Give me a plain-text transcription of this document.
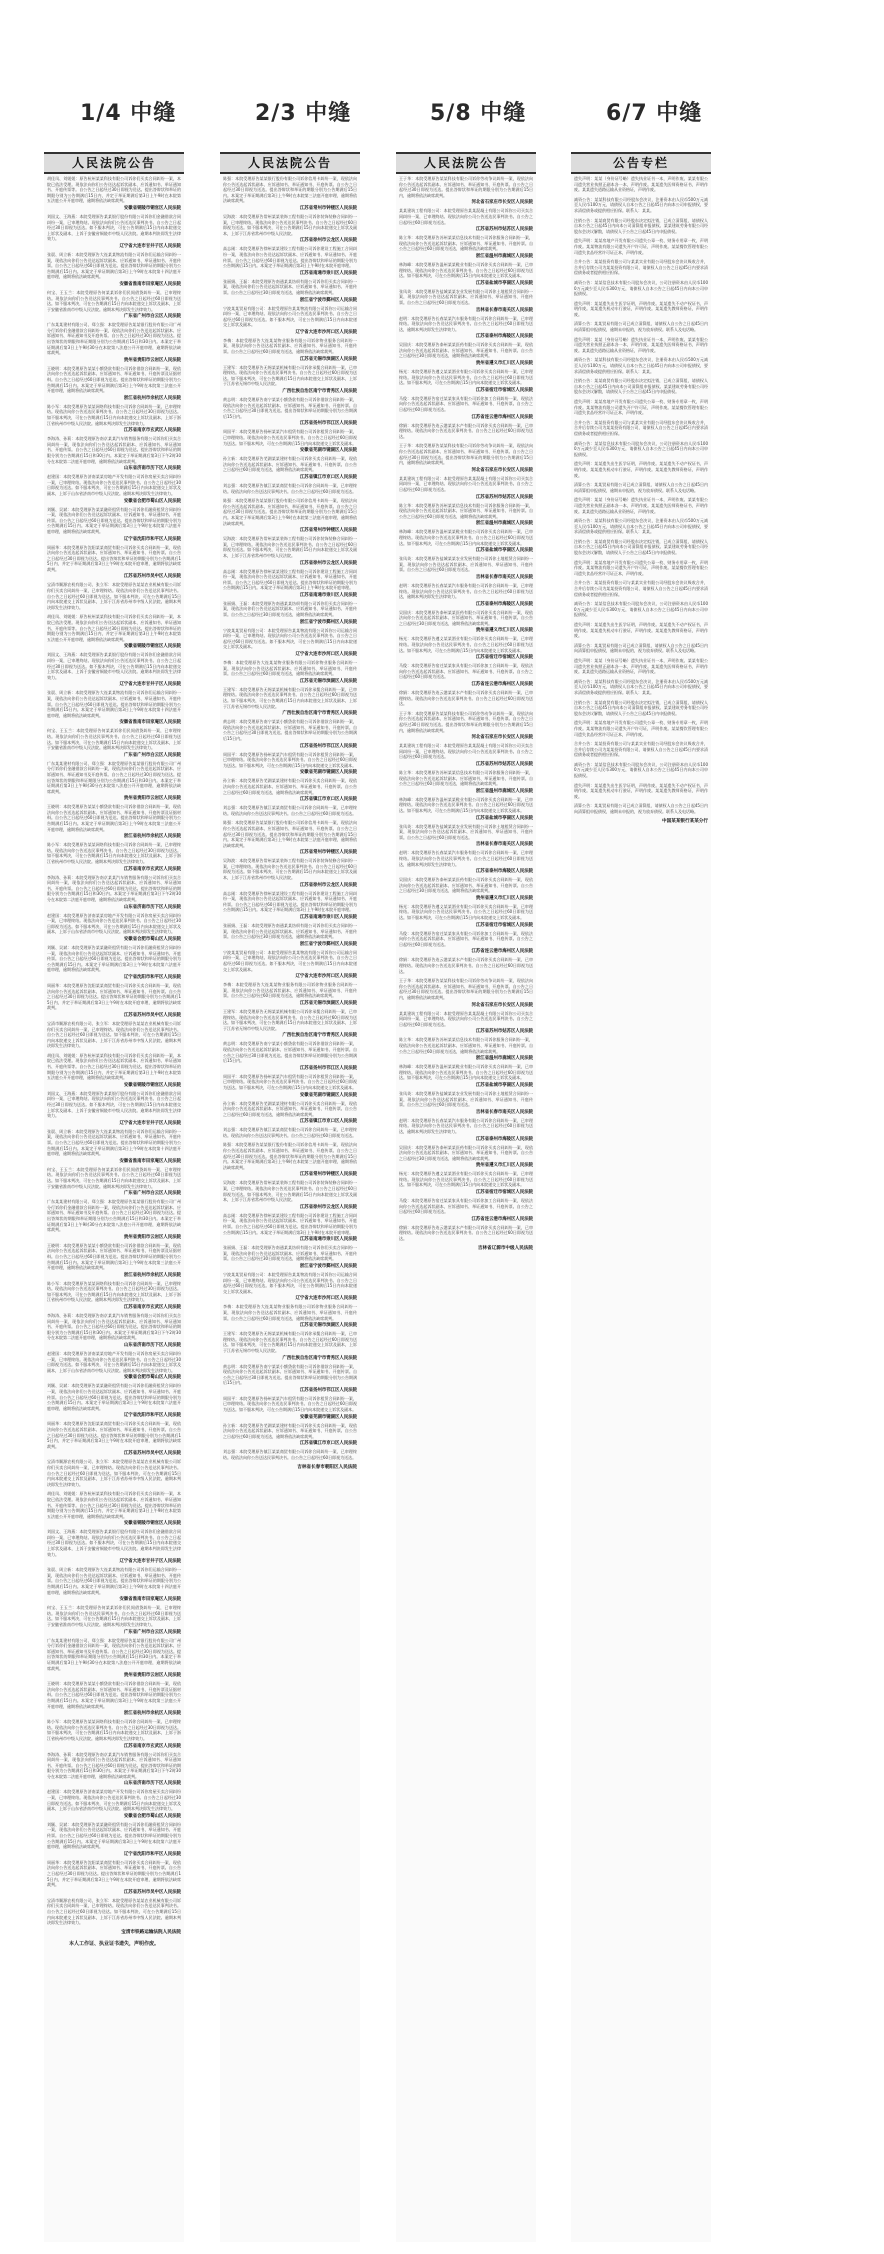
1/4 中缝	2/3 中缝	5/8 中缝	6/7 中缝
人民法院公告
胡佳凤、刘媛媛：原告杭州某某科技有限公司诉你们买卖合同纠纷一案，本院已依法受理。现依法向你们公告送达起诉状副本、应诉通知书、举证通知书、开庭传票等。自公告之日起经过30日即视为送达。提出答辩状和举证的期限分别为公告期满后15日内，并定于举证期满后第3日上午9时在本院第五法庭公开开庭审理，逾期将依法缺席裁判。
安徽省铜陵市铜官区人民法院
刘国文、王海燕：本院受理原告某某银行股份有限公司诉你们金融借款合同纠纷一案，已审理终结。现依法向你们公告送达民事判决书。自公告之日起经过30日即视为送达。如不服本判决，可在公告期满后15日内向本院递交上诉状及副本，上诉于安徽省铜陵市中级人民法院。逾期本判决即发生法律效力。
辽宁省大连市甘井子区人民法院
张晨、周立新：本院受理原告大连某某物流有限公司诉你们运输合同纠纷一案，现依法向你们公告送达起诉状副本、应诉通知书、举证通知书、开庭传票。自公告之日起经过60日即视为送达。提出答辩状和举证的期限分别为公告期满后15日内。本案定于举证期满后第3日上午9时在本院第十四法庭开庭审理，逾期将依法缺席裁判。
安徽省淮南市田家庵区人民法院
何宝、王玉兰：本院受理原告何某某诉你们民间借贷纠纷一案，已审理终结。现依法向你们公告送达民事判决书。自公告之日起经过60日即视为送达。如不服本判决，可在公告期满后15日内向本院递交上诉状及副本，上诉于安徽省淮南市中级人民法院。逾期本判决即发生法律效力。
广东省广州市白云区人民法院
广东某某建材有限公司、郑立强：本院受理原告某某银行股份有限公司广州分行诉你们金融借款合同纠纷一案，现依法向你们公告送达起诉状副本、应诉通知书、举证通知书及开庭传票。自公告之日起经过30日即视为送达。提出答辩状的期限和举证期限分别为公告期满后15日和30日内。本案定于举证期满后第3日上午9时30分在本院第八法庭公开开庭审理，逾期将依法缺席裁判。
贵州省贵阳市云岩区人民法院
王晓明：本院受理原告某某小额贷款有限公司诉你借款合同纠纷一案，现依法向你公告送达起诉状副本、应诉通知书、举证通知书、开庭传票及证据材料。自公告之日起经过60日即视为送达。提出答辩状和举证的期限分别为公告期满后15日内。本案定于举证期满后第3日上午9时在本院第三法庭公开开庭审理，逾期将依法缺席裁判。
浙江省杭州市余杭区人民法院
陈小军：本院受理原告某某网络科技有限公司诉你合同纠纷一案，已审理终结。现依法向你公告送达民事判决书。自公告之日起经过30日即视为送达。如不服本判决，可在公告期满后15日内向本院递交上诉状及副本，上诉于浙江省杭州市中级人民法院。逾期本判决即发生法律效力。
江苏省南京市玄武区人民法院
李海涛、孙莉：本院受理原告南京某某汽车销售服务有限公司诉你们买卖合同纠纷一案，现依法向你们公告送达起诉状副本、应诉通知书、举证通知书、开庭传票。自公告之日起经过60日即视为送达。提出答辩状和举证的期限分别为公告期满后15日和30日内。本案定于举证期满后第3日下午2时30分在本院第二法庭开庭审理，逾期将依法缺席裁判。
山东省济南市历下区人民法院
赵建国：本院受理原告济南某某房地产开发有限公司诉你房屋买卖合同纠纷一案，已审理终结。现依法向你公告送达民事判决书。自公告之日起经过30日即视为送达。如不服本判决，可在公告期满后15日内向本院递交上诉状及副本，上诉于山东省济南市中级人民法院。逾期本判决即发生法律效力。
安徽省合肥市蜀山区人民法院
刘颖、吴斌：本院受理原告某某融资租赁有限公司诉你们融资租赁合同纠纷一案，现依法向你们公告送达起诉状副本、应诉通知书、举证通知书、开庭传票。自公告之日起经过60日即视为送达。提出答辩状和举证的期限分别为公告期满后15日内。本案定于举证期满后第3日上午9时在本院第六法庭开庭审理，逾期将依法缺席裁判。
辽宁省沈阳市和平区人民法院
周丽华：本院受理原告沈阳某某商贸有限公司诉你买卖合同纠纷一案，现依法向你公告送达起诉状副本、应诉通知书、举证通知书、开庭传票。自公告之日起经过30日即视为送达。提出答辩状和举证的期限分别为公告期满后15日内，并定于举证期满后第3日上午9时在本院开庭审理，逾期将依法缺席裁判。
江苏省苏州市吴中区人民法院
宝清市顺源农机有限公司、张立军：本院受理原告某某农业机械有限公司诉你们买卖合同纠纷一案，已审理终结。现依法向你们公告送达民事判决书。自公告之日起经过60日即视为送达。如不服本判决，可在公告期满后15日内向本院递交上诉状及副本，上诉于江苏省苏州市中级人民法院。逾期本判决即发生法律效力。
胡佳凤、刘媛媛：原告杭州某某科技有限公司诉你们买卖合同纠纷一案，本院已依法受理。现依法向你们公告送达起诉状副本、应诉通知书、举证通知书、开庭传票等。自公告之日起经过30日即视为送达。提出答辩状和举证的期限分别为公告期满后15日内，并定于举证期满后第3日上午9时在本院第五法庭公开开庭审理，逾期将依法缺席裁判。
安徽省铜陵市铜官区人民法院
刘国文、王海燕：本院受理原告某某银行股份有限公司诉你们金融借款合同纠纷一案，已审理终结。现依法向你们公告送达民事判决书。自公告之日起经过30日即视为送达。如不服本判决，可在公告期满后15日内向本院递交上诉状及副本，上诉于安徽省铜陵市中级人民法院。逾期本判决即发生法律效力。
辽宁省大连市甘井子区人民法院
张晨、周立新：本院受理原告大连某某物流有限公司诉你们运输合同纠纷一案，现依法向你们公告送达起诉状副本、应诉通知书、举证通知书、开庭传票。自公告之日起经过60日即视为送达。提出答辩状和举证的期限分别为公告期满后15日内。本案定于举证期满后第3日上午9时在本院第十四法庭开庭审理，逾期将依法缺席裁判。
安徽省淮南市田家庵区人民法院
何宝、王玉兰：本院受理原告何某某诉你们民间借贷纠纷一案，已审理终结。现依法向你们公告送达民事判决书。自公告之日起经过60日即视为送达。如不服本判决，可在公告期满后15日内向本院递交上诉状及副本，上诉于安徽省淮南市中级人民法院。逾期本判决即发生法律效力。
广东省广州市白云区人民法院
广东某某建材有限公司、郑立强：本院受理原告某某银行股份有限公司广州分行诉你们金融借款合同纠纷一案，现依法向你们公告送达起诉状副本、应诉通知书、举证通知书及开庭传票。自公告之日起经过30日即视为送达。提出答辩状的期限和举证期限分别为公告期满后15日和30日内。本案定于举证期满后第3日上午9时30分在本院第八法庭公开开庭审理，逾期将依法缺席裁判。
贵州省贵阳市云岩区人民法院
王晓明：本院受理原告某某小额贷款有限公司诉你借款合同纠纷一案，现依法向你公告送达起诉状副本、应诉通知书、举证通知书、开庭传票及证据材料。自公告之日起经过60日即视为送达。提出答辩状和举证的期限分别为公告期满后15日内。本案定于举证期满后第3日上午9时在本院第三法庭公开开庭审理，逾期将依法缺席裁判。
浙江省杭州市余杭区人民法院
陈小军：本院受理原告某某网络科技有限公司诉你合同纠纷一案，已审理终结。现依法向你公告送达民事判决书。自公告之日起经过30日即视为送达。如不服本判决，可在公告期满后15日内向本院递交上诉状及副本，上诉于浙江省杭州市中级人民法院。逾期本判决即发生法律效力。
江苏省南京市玄武区人民法院
李海涛、孙莉：本院受理原告南京某某汽车销售服务有限公司诉你们买卖合同纠纷一案，现依法向你们公告送达起诉状副本、应诉通知书、举证通知书、开庭传票。自公告之日起经过60日即视为送达。提出答辩状和举证的期限分别为公告期满后15日和30日内。本案定于举证期满后第3日下午2时30分在本院第二法庭开庭审理，逾期将依法缺席裁判。
山东省济南市历下区人民法院
赵建国：本院受理原告济南某某房地产开发有限公司诉你房屋买卖合同纠纷一案，已审理终结。现依法向你公告送达民事判决书。自公告之日起经过30日即视为送达。如不服本判决，可在公告期满后15日内向本院递交上诉状及副本，上诉于山东省济南市中级人民法院。逾期本判决即发生法律效力。
安徽省合肥市蜀山区人民法院
刘颖、吴斌：本院受理原告某某融资租赁有限公司诉你们融资租赁合同纠纷一案，现依法向你们公告送达起诉状副本、应诉通知书、举证通知书、开庭传票。自公告之日起经过60日即视为送达。提出答辩状和举证的期限分别为公告期满后15日内。本案定于举证期满后第3日上午9时在本院第六法庭开庭审理，逾期将依法缺席裁判。
辽宁省沈阳市和平区人民法院
周丽华：本院受理原告沈阳某某商贸有限公司诉你买卖合同纠纷一案，现依法向你公告送达起诉状副本、应诉通知书、举证通知书、开庭传票。自公告之日起经过30日即视为送达。提出答辩状和举证的期限分别为公告期满后15日内，并定于举证期满后第3日上午9时在本院开庭审理，逾期将依法缺席裁判。
江苏省苏州市吴中区人民法院
宝清市顺源农机有限公司、张立军：本院受理原告某某农业机械有限公司诉你们买卖合同纠纷一案，已审理终结。现依法向你们公告送达民事判决书。自公告之日起经过60日即视为送达。如不服本判决，可在公告期满后15日内向本院递交上诉状及副本，上诉于江苏省苏州市中级人民法院。逾期本判决即发生法律效力。
胡佳凤、刘媛媛：原告杭州某某科技有限公司诉你们买卖合同纠纷一案，本院已依法受理。现依法向你们公告送达起诉状副本、应诉通知书、举证通知书、开庭传票等。自公告之日起经过30日即视为送达。提出答辩状和举证的期限分别为公告期满后15日内，并定于举证期满后第3日上午9时在本院第五法庭公开开庭审理，逾期将依法缺席裁判。
安徽省铜陵市铜官区人民法院
刘国文、王海燕：本院受理原告某某银行股份有限公司诉你们金融借款合同纠纷一案，已审理终结。现依法向你们公告送达民事判决书。自公告之日起经过30日即视为送达。如不服本判决，可在公告期满后15日内向本院递交上诉状及副本，上诉于安徽省铜陵市中级人民法院。逾期本判决即发生法律效力。
辽宁省大连市甘井子区人民法院
张晨、周立新：本院受理原告大连某某物流有限公司诉你们运输合同纠纷一案，现依法向你们公告送达起诉状副本、应诉通知书、举证通知书、开庭传票。自公告之日起经过60日即视为送达。提出答辩状和举证的期限分别为公告期满后15日内。本案定于举证期满后第3日上午9时在本院第十四法庭开庭审理，逾期将依法缺席裁判。
安徽省淮南市田家庵区人民法院
何宝、王玉兰：本院受理原告何某某诉你们民间借贷纠纷一案，已审理终结。现依法向你们公告送达民事判决书。自公告之日起经过60日即视为送达。如不服本判决，可在公告期满后15日内向本院递交上诉状及副本，上诉于安徽省淮南市中级人民法院。逾期本判决即发生法律效力。
广东省广州市白云区人民法院
广东某某建材有限公司、郑立强：本院受理原告某某银行股份有限公司广州分行诉你们金融借款合同纠纷一案，现依法向你们公告送达起诉状副本、应诉通知书、举证通知书及开庭传票。自公告之日起经过30日即视为送达。提出答辩状的期限和举证期限分别为公告期满后15日和30日内。本案定于举证期满后第3日上午9时30分在本院第八法庭公开开庭审理，逾期将依法缺席裁判。
贵州省贵阳市云岩区人民法院
王晓明：本院受理原告某某小额贷款有限公司诉你借款合同纠纷一案，现依法向你公告送达起诉状副本、应诉通知书、举证通知书、开庭传票及证据材料。自公告之日起经过60日即视为送达。提出答辩状和举证的期限分别为公告期满后15日内。本案定于举证期满后第3日上午9时在本院第三法庭公开开庭审理，逾期将依法缺席裁判。
浙江省杭州市余杭区人民法院
陈小军：本院受理原告某某网络科技有限公司诉你合同纠纷一案，已审理终结。现依法向你公告送达民事判决书。自公告之日起经过30日即视为送达。如不服本判决，可在公告期满后15日内向本院递交上诉状及副本，上诉于浙江省杭州市中级人民法院。逾期本判决即发生法律效力。
江苏省南京市玄武区人民法院
李海涛、孙莉：本院受理原告南京某某汽车销售服务有限公司诉你们买卖合同纠纷一案，现依法向你们公告送达起诉状副本、应诉通知书、举证通知书、开庭传票。自公告之日起经过60日即视为送达。提出答辩状和举证的期限分别为公告期满后15日和30日内。本案定于举证期满后第3日下午2时30分在本院第二法庭开庭审理，逾期将依法缺席裁判。
山东省济南市历下区人民法院
赵建国：本院受理原告济南某某房地产开发有限公司诉你房屋买卖合同纠纷一案，已审理终结。现依法向你公告送达民事判决书。自公告之日起经过30日即视为送达。如不服本判决，可在公告期满后15日内向本院递交上诉状及副本，上诉于山东省济南市中级人民法院。逾期本判决即发生法律效力。
安徽省合肥市蜀山区人民法院
刘颖、吴斌：本院受理原告某某融资租赁有限公司诉你们融资租赁合同纠纷一案，现依法向你们公告送达起诉状副本、应诉通知书、举证通知书、开庭传票。自公告之日起经过60日即视为送达。提出答辩状和举证的期限分别为公告期满后15日内。本案定于举证期满后第3日上午9时在本院第六法庭开庭审理，逾期将依法缺席裁判。
辽宁省沈阳市和平区人民法院
周丽华：本院受理原告沈阳某某商贸有限公司诉你买卖合同纠纷一案，现依法向你公告送达起诉状副本、应诉通知书、举证通知书、开庭传票。自公告之日起经过30日即视为送达。提出答辩状和举证的期限分别为公告期满后15日内，并定于举证期满后第3日上午9时在本院开庭审理，逾期将依法缺席裁判。
江苏省苏州市吴中区人民法院
宝清市顺源农机有限公司、张立军：本院受理原告某某农业机械有限公司诉你们买卖合同纠纷一案，已审理终结。现依法向你们公告送达民事判决书。自公告之日起经过60日即视为送达。如不服本判决，可在公告期满后15日内向本院递交上诉状及副本，上诉于江苏省苏州市中级人民法院。逾期本判决即发生法律效力。
胡佳凤、刘媛媛：原告杭州某某科技有限公司诉你们买卖合同纠纷一案，本院已依法受理。现依法向你们公告送达起诉状副本、应诉通知书、举证通知书、开庭传票等。自公告之日起经过30日即视为送达。提出答辩状和举证的期限分别为公告期满后15日内，并定于举证期满后第3日上午9时在本院第五法庭公开开庭审理，逾期将依法缺席裁判。
安徽省铜陵市铜官区人民法院
刘国文、王海燕：本院受理原告某某银行股份有限公司诉你们金融借款合同纠纷一案，已审理终结。现依法向你们公告送达民事判决书。自公告之日起经过30日即视为送达。如不服本判决，可在公告期满后15日内向本院递交上诉状及副本，上诉于安徽省铜陵市中级人民法院。逾期本判决即发生法律效力。
辽宁省大连市甘井子区人民法院
张晨、周立新：本院受理原告大连某某物流有限公司诉你们运输合同纠纷一案，现依法向你们公告送达起诉状副本、应诉通知书、举证通知书、开庭传票。自公告之日起经过60日即视为送达。提出答辩状和举证的期限分别为公告期满后15日内。本案定于举证期满后第3日上午9时在本院第十四法庭开庭审理，逾期将依法缺席裁判。
安徽省淮南市田家庵区人民法院
何宝、王玉兰：本院受理原告何某某诉你们民间借贷纠纷一案，已审理终结。现依法向你们公告送达民事判决书。自公告之日起经过60日即视为送达。如不服本判决，可在公告期满后15日内向本院递交上诉状及副本，上诉于安徽省淮南市中级人民法院。逾期本判决即发生法律效力。
广东省广州市白云区人民法院
广东某某建材有限公司、郑立强：本院受理原告某某银行股份有限公司广州分行诉你们金融借款合同纠纷一案，现依法向你们公告送达起诉状副本、应诉通知书、举证通知书及开庭传票。自公告之日起经过30日即视为送达。提出答辩状的期限和举证期限分别为公告期满后15日和30日内。本案定于举证期满后第3日上午9时30分在本院第八法庭公开开庭审理，逾期将依法缺席裁判。
贵州省贵阳市云岩区人民法院
王晓明：本院受理原告某某小额贷款有限公司诉你借款合同纠纷一案，现依法向你公告送达起诉状副本、应诉通知书、举证通知书、开庭传票及证据材料。自公告之日起经过60日即视为送达。提出答辩状和举证的期限分别为公告期满后15日内。本案定于举证期满后第3日上午9时在本院第三法庭公开开庭审理，逾期将依法缺席裁判。
浙江省杭州市余杭区人民法院
陈小军：本院受理原告某某网络科技有限公司诉你合同纠纷一案，已审理终结。现依法向你公告送达民事判决书。自公告之日起经过30日即视为送达。如不服本判决，可在公告期满后15日内向本院递交上诉状及副本，上诉于浙江省杭州市中级人民法院。逾期本判决即发生法律效力。
江苏省南京市玄武区人民法院
李海涛、孙莉：本院受理原告南京某某汽车销售服务有限公司诉你们买卖合同纠纷一案，现依法向你们公告送达起诉状副本、应诉通知书、举证通知书、开庭传票。自公告之日起经过60日即视为送达。提出答辩状和举证的期限分别为公告期满后15日和30日内。本案定于举证期满后第3日下午2时30分在本院第二法庭开庭审理，逾期将依法缺席裁判。
山东省济南市历下区人民法院
赵建国：本院受理原告济南某某房地产开发有限公司诉你房屋买卖合同纠纷一案，已审理终结。现依法向你公告送达民事判决书。自公告之日起经过30日即视为送达。如不服本判决，可在公告期满后15日内向本院递交上诉状及副本，上诉于山东省济南市中级人民法院。逾期本判决即发生法律效力。
安徽省合肥市蜀山区人民法院
刘颖、吴斌：本院受理原告某某融资租赁有限公司诉你们融资租赁合同纠纷一案，现依法向你们公告送达起诉状副本、应诉通知书、举证通知书、开庭传票。自公告之日起经过60日即视为送达。提出答辩状和举证的期限分别为公告期满后15日内。本案定于举证期满后第3日上午9时在本院第六法庭开庭审理，逾期将依法缺席裁判。
辽宁省沈阳市和平区人民法院
周丽华：本院受理原告沈阳某某商贸有限公司诉你买卖合同纠纷一案，现依法向你公告送达起诉状副本、应诉通知书、举证通知书、开庭传票。自公告之日起经过30日即视为送达。提出答辩状和举证的期限分别为公告期满后15日内，并定于举证期满后第3日上午9时在本院开庭审理，逾期将依法缺席裁判。
江苏省苏州市吴中区人民法院
宝清市顺源农机有限公司、张立军：本院受理原告某某农业机械有限公司诉你们买卖合同纠纷一案，已审理终结。现依法向你们公告送达民事判决书。自公告之日起经过60日即视为送达。如不服本判决，可在公告期满后15日内向本院递交上诉状及副本，上诉于江苏省苏州市中级人民法院。逾期本判决即发生法律效力。
宝清市铁路运输法院人民法院
本人工作证、执业证书遗失，声明作废。
人民法院公告
陈强：本院受理原告某某银行股份有限公司诉你信用卡纠纷一案，现依法向你公告送达起诉状副本、应诉通知书、举证通知书、开庭传票。自公告之日起经过30日即视为送达。提出答辩状和举证的期限分别为公告期满后15日内。本案定于举证期满后第3日上午9时在本院第三法庭开庭审理，逾期将依法缺席裁判。
江苏省常州市钟楼区人民法院
吴海波：本院受理原告常州某某装饰工程有限公司诉你装饰装修合同纠纷一案，已审理终结。现依法向你公告送达民事判决书。自公告之日起经过60日即视为送达。如不服本判决，可在公告期满后15日内向本院递交上诉状及副本，上诉于江苏省常州市中级人民法院。
江苏省徐州市云龙区人民法院
高志刚：本院受理原告徐州某某建设工程有限公司诉你建设工程施工合同纠纷一案，现依法向你公告送达起诉状副本、应诉通知书、举证通知书、开庭传票。自公告之日起经过60日即视为送达。提出答辩状和举证的期限分别为公告期满后15日内。本案定于举证期满后第3日上午9时在本院开庭审理。
江苏省南通市崇川区人民法院
张丽娟、王磊：本院受理原告南通某某纺织有限公司诉你们买卖合同纠纷一案，现依法向你们公告送达起诉状副本、应诉通知书、举证通知书、开庭传票。自公告之日起经过30日即视为送达，逾期将依法缺席裁判。
浙江省宁波市鄞州区人民法院
宁波某某贸易有限公司：本院受理原告某某物流有限公司诉你公司运输合同纠纷一案，已审理终结。现依法向你公司公告送达民事判决书。自公告之日起经过60日即视为送达。如不服本判决，可在公告期满后15日内向本院递交上诉状及副本。
辽宁省大连市沙河口区人民法院
李梅：本院受理原告大连某某物业服务有限公司诉你物业服务合同纠纷一案，现依法向你公告送达起诉状副本、应诉通知书、举证通知书、开庭传票。自公告之日起经过60日即视为送达，逾期将依法缺席裁判。
江苏省无锡市滨湖区人民法院
王建军：本院受理原告无锡某某机械有限公司诉你承揽合同纠纷一案，已审理终结。现依法向你公告送达民事判决书。自公告之日起经过60日即视为送达。如不服本判决，可在公告期满后15日内向本院递交上诉状及副本，上诉于江苏省无锡市中级人民法院。
广西壮族自治区南宁市青秀区人民法院
黄志明：本院受理原告南宁某某小额贷款有限公司诉你借款合同纠纷一案，现依法向你公告送达起诉状副本、应诉通知书、举证通知书、开庭传票。自公告之日起经过30日即视为送达。提出答辩状和举证的期限分别为公告期满后15日内。
江苏省扬州市邗江区人民法院
周国平：本院受理原告扬州某某汽车租赁有限公司诉你租赁合同纠纷一案，已审理终结。现依法向你公告送达民事判决书。自公告之日起经过60日即视为送达。如不服本判决，可在公告期满后15日内向本院递交上诉状及副本。
安徽省芜湖市镜湖区人民法院
孙立新：本院受理原告芜湖某某建材有限公司诉你买卖合同纠纷一案，现依法向你公告送达起诉状副本、应诉通知书、举证通知书、开庭传票。自公告之日起经过60日即视为送达，逾期将依法缺席裁判。
江苏省镇江市京口区人民法院
刘志强：本院受理原告镇江某某商贸有限公司诉你合同纠纷一案，已审理终结。现依法向你公告送达民事判决书。自公告之日起经过60日即视为送达。
陈强：本院受理原告某某银行股份有限公司诉你信用卡纠纷一案，现依法向你公告送达起诉状副本、应诉通知书、举证通知书、开庭传票。自公告之日起经过30日即视为送达。提出答辩状和举证的期限分别为公告期满后15日内。本案定于举证期满后第3日上午9时在本院第三法庭开庭审理，逾期将依法缺席裁判。
江苏省常州市钟楼区人民法院
吴海波：本院受理原告常州某某装饰工程有限公司诉你装饰装修合同纠纷一案，已审理终结。现依法向你公告送达民事判决书。自公告之日起经过60日即视为送达。如不服本判决，可在公告期满后15日内向本院递交上诉状及副本，上诉于江苏省常州市中级人民法院。
江苏省徐州市云龙区人民法院
高志刚：本院受理原告徐州某某建设工程有限公司诉你建设工程施工合同纠纷一案，现依法向你公告送达起诉状副本、应诉通知书、举证通知书、开庭传票。自公告之日起经过60日即视为送达。提出答辩状和举证的期限分别为公告期满后15日内。本案定于举证期满后第3日上午9时在本院开庭审理。
江苏省南通市崇川区人民法院
张丽娟、王磊：本院受理原告南通某某纺织有限公司诉你们买卖合同纠纷一案，现依法向你们公告送达起诉状副本、应诉通知书、举证通知书、开庭传票。自公告之日起经过30日即视为送达，逾期将依法缺席裁判。
浙江省宁波市鄞州区人民法院
宁波某某贸易有限公司：本院受理原告某某物流有限公司诉你公司运输合同纠纷一案，已审理终结。现依法向你公司公告送达民事判决书。自公告之日起经过60日即视为送达。如不服本判决，可在公告期满后15日内向本院递交上诉状及副本。
辽宁省大连市沙河口区人民法院
李梅：本院受理原告大连某某物业服务有限公司诉你物业服务合同纠纷一案，现依法向你公告送达起诉状副本、应诉通知书、举证通知书、开庭传票。自公告之日起经过60日即视为送达，逾期将依法缺席裁判。
江苏省无锡市滨湖区人民法院
王建军：本院受理原告无锡某某机械有限公司诉你承揽合同纠纷一案，已审理终结。现依法向你公告送达民事判决书。自公告之日起经过60日即视为送达。如不服本判决，可在公告期满后15日内向本院递交上诉状及副本，上诉于江苏省无锡市中级人民法院。
广西壮族自治区南宁市青秀区人民法院
黄志明：本院受理原告南宁某某小额贷款有限公司诉你借款合同纠纷一案，现依法向你公告送达起诉状副本、应诉通知书、举证通知书、开庭传票。自公告之日起经过30日即视为送达。提出答辩状和举证的期限分别为公告期满后15日内。
江苏省扬州市邗江区人民法院
周国平：本院受理原告扬州某某汽车租赁有限公司诉你租赁合同纠纷一案，已审理终结。现依法向你公告送达民事判决书。自公告之日起经过60日即视为送达。如不服本判决，可在公告期满后15日内向本院递交上诉状及副本。
安徽省芜湖市镜湖区人民法院
孙立新：本院受理原告芜湖某某建材有限公司诉你买卖合同纠纷一案，现依法向你公告送达起诉状副本、应诉通知书、举证通知书、开庭传票。自公告之日起经过60日即视为送达，逾期将依法缺席裁判。
江苏省镇江市京口区人民法院
刘志强：本院受理原告镇江某某商贸有限公司诉你合同纠纷一案，已审理终结。现依法向你公告送达民事判决书。自公告之日起经过60日即视为送达。
陈强：本院受理原告某某银行股份有限公司诉你信用卡纠纷一案，现依法向你公告送达起诉状副本、应诉通知书、举证通知书、开庭传票。自公告之日起经过30日即视为送达。提出答辩状和举证的期限分别为公告期满后15日内。本案定于举证期满后第3日上午9时在本院第三法庭开庭审理，逾期将依法缺席裁判。
江苏省常州市钟楼区人民法院
吴海波：本院受理原告常州某某装饰工程有限公司诉你装饰装修合同纠纷一案，已审理终结。现依法向你公告送达民事判决书。自公告之日起经过60日即视为送达。如不服本判决，可在公告期满后15日内向本院递交上诉状及副本，上诉于江苏省常州市中级人民法院。
江苏省徐州市云龙区人民法院
高志刚：本院受理原告徐州某某建设工程有限公司诉你建设工程施工合同纠纷一案，现依法向你公告送达起诉状副本、应诉通知书、举证通知书、开庭传票。自公告之日起经过60日即视为送达。提出答辩状和举证的期限分别为公告期满后15日内。本案定于举证期满后第3日上午9时在本院开庭审理。
江苏省南通市崇川区人民法院
张丽娟、王磊：本院受理原告南通某某纺织有限公司诉你们买卖合同纠纷一案，现依法向你们公告送达起诉状副本、应诉通知书、举证通知书、开庭传票。自公告之日起经过30日即视为送达，逾期将依法缺席裁判。
浙江省宁波市鄞州区人民法院
宁波某某贸易有限公司：本院受理原告某某物流有限公司诉你公司运输合同纠纷一案，已审理终结。现依法向你公司公告送达民事判决书。自公告之日起经过60日即视为送达。如不服本判决，可在公告期满后15日内向本院递交上诉状及副本。
辽宁省大连市沙河口区人民法院
李梅：本院受理原告大连某某物业服务有限公司诉你物业服务合同纠纷一案，现依法向你公告送达起诉状副本、应诉通知书、举证通知书、开庭传票。自公告之日起经过60日即视为送达，逾期将依法缺席裁判。
江苏省无锡市滨湖区人民法院
王建军：本院受理原告无锡某某机械有限公司诉你承揽合同纠纷一案，已审理终结。现依法向你公告送达民事判决书。自公告之日起经过60日即视为送达。如不服本判决，可在公告期满后15日内向本院递交上诉状及副本，上诉于江苏省无锡市中级人民法院。
广西壮族自治区南宁市青秀区人民法院
黄志明：本院受理原告南宁某某小额贷款有限公司诉你借款合同纠纷一案，现依法向你公告送达起诉状副本、应诉通知书、举证通知书、开庭传票。自公告之日起经过30日即视为送达。提出答辩状和举证的期限分别为公告期满后15日内。
江苏省扬州市邗江区人民法院
周国平：本院受理原告扬州某某汽车租赁有限公司诉你租赁合同纠纷一案，已审理终结。现依法向你公告送达民事判决书。自公告之日起经过60日即视为送达。如不服本判决，可在公告期满后15日内向本院递交上诉状及副本。
安徽省芜湖市镜湖区人民法院
孙立新：本院受理原告芜湖某某建材有限公司诉你买卖合同纠纷一案，现依法向你公告送达起诉状副本、应诉通知书、举证通知书、开庭传票。自公告之日起经过60日即视为送达，逾期将依法缺席裁判。
江苏省镇江市京口区人民法院
刘志强：本院受理原告镇江某某商贸有限公司诉你合同纠纷一案，已审理终结。现依法向你公告送达民事判决书。自公告之日起经过60日即视为送达。
陈强：本院受理原告某某银行股份有限公司诉你信用卡纠纷一案，现依法向你公告送达起诉状副本、应诉通知书、举证通知书、开庭传票。自公告之日起经过30日即视为送达。提出答辩状和举证的期限分别为公告期满后15日内。本案定于举证期满后第3日上午9时在本院第三法庭开庭审理，逾期将依法缺席裁判。
江苏省常州市钟楼区人民法院
吴海波：本院受理原告常州某某装饰工程有限公司诉你装饰装修合同纠纷一案，已审理终结。现依法向你公告送达民事判决书。自公告之日起经过60日即视为送达。如不服本判决，可在公告期满后15日内向本院递交上诉状及副本，上诉于江苏省常州市中级人民法院。
江苏省徐州市云龙区人民法院
高志刚：本院受理原告徐州某某建设工程有限公司诉你建设工程施工合同纠纷一案，现依法向你公告送达起诉状副本、应诉通知书、举证通知书、开庭传票。自公告之日起经过60日即视为送达。提出答辩状和举证的期限分别为公告期满后15日内。本案定于举证期满后第3日上午9时在本院开庭审理。
江苏省南通市崇川区人民法院
张丽娟、王磊：本院受理原告南通某某纺织有限公司诉你们买卖合同纠纷一案，现依法向你们公告送达起诉状副本、应诉通知书、举证通知书、开庭传票。自公告之日起经过30日即视为送达，逾期将依法缺席裁判。
浙江省宁波市鄞州区人民法院
宁波某某贸易有限公司：本院受理原告某某物流有限公司诉你公司运输合同纠纷一案，已审理终结。现依法向你公司公告送达民事判决书。自公告之日起经过60日即视为送达。如不服本判决，可在公告期满后15日内向本院递交上诉状及副本。
辽宁省大连市沙河口区人民法院
李梅：本院受理原告大连某某物业服务有限公司诉你物业服务合同纠纷一案，现依法向你公告送达起诉状副本、应诉通知书、举证通知书、开庭传票。自公告之日起经过60日即视为送达，逾期将依法缺席裁判。
江苏省无锡市滨湖区人民法院
王建军：本院受理原告无锡某某机械有限公司诉你承揽合同纠纷一案，已审理终结。现依法向你公告送达民事判决书。自公告之日起经过60日即视为送达。如不服本判决，可在公告期满后15日内向本院递交上诉状及副本，上诉于江苏省无锡市中级人民法院。
广西壮族自治区南宁市青秀区人民法院
黄志明：本院受理原告南宁某某小额贷款有限公司诉你借款合同纠纷一案，现依法向你公告送达起诉状副本、应诉通知书、举证通知书、开庭传票。自公告之日起经过30日即视为送达。提出答辩状和举证的期限分别为公告期满后15日内。
江苏省扬州市邗江区人民法院
周国平：本院受理原告扬州某某汽车租赁有限公司诉你租赁合同纠纷一案，已审理终结。现依法向你公告送达民事判决书。自公告之日起经过60日即视为送达。如不服本判决，可在公告期满后15日内向本院递交上诉状及副本。
安徽省芜湖市镜湖区人民法院
孙立新：本院受理原告芜湖某某建材有限公司诉你买卖合同纠纷一案，现依法向你公告送达起诉状副本、应诉通知书、举证通知书、开庭传票。自公告之日起经过60日即视为送达，逾期将依法缺席裁判。
江苏省镇江市京口区人民法院
刘志强：本院受理原告镇江某某商贸有限公司诉你合同纠纷一案，已审理终结。现依法向你公告送达民事判决书。自公告之日起经过60日即视为送达。
吉林省长春市朝阳区人民法院
人民法院公告
王子华：本院受理原告某某科技有限公司诉你劳动争议纠纷一案，现依法向你公告送达起诉状副本、应诉通知书、举证通知书、开庭传票。自公告之日起经过30日即视为送达。提出答辩状和举证的期限分别为公告期满后15日内，逾期将依法缺席裁判。
河北省石家庄市长安区人民法院
某某建筑工程有限公司：本院受理原告某某混凝土有限公司诉你公司买卖合同纠纷一案，已审理终结。现依法向你公司公告送达民事判决书。自公告之日起经过60日即视为送达。
江苏省苏州市姑苏区人民法院
陈立华：本院受理原告苏州某某信息技术有限公司诉你服务合同纠纷一案，现依法向你公告送达起诉状副本、应诉通知书、举证通知书、开庭传票。自公告之日起经过60日即视为送达，逾期将依法缺席裁判。
浙江省温州市鹿城区人民法院
林海峰：本院受理原告温州某某鞋业有限公司诉你买卖合同纠纷一案，已审理终结。现依法向你公告送达民事判决书。自公告之日起经过60日即视为送达。如不服本判决，可在公告期满后15日内向本院递交上诉状及副本。
江苏省盐城市亭湖区人民法院
张凤英：本院受理原告盐城某某农业发展有限公司诉你土地租赁合同纠纷一案，现依法向你公告送达起诉状副本、应诉通知书、举证通知书、开庭传票。自公告之日起经过60日即视为送达。
吉林省长春市南关区人民法院
赵明：本院受理原告长春某某汽车服务有限公司诉你合同纠纷一案，已审理终结。现依法向你公告送达民事判决书。自公告之日起经过60日即视为送达，逾期本判决即发生法律效力。
江苏省泰州市海陵区人民法院
吴国庆：本院受理原告泰州某某医药有限公司诉你买卖合同纠纷一案，现依法向你公告送达起诉状副本、应诉通知书、举证通知书、开庭传票。自公告之日起经过30日即视为送达，逾期将依法缺席裁判。
贵州省遵义市汇川区人民法院
杨光：本院受理原告遵义某某酒业有限公司诉你买卖合同纠纷一案，已审理终结。现依法向你公告送达民事判决书。自公告之日起经过60日即视为送达。如不服本判决，可在公告期满后15日内向本院递交上诉状及副本。
江苏省宿迁市宿城区人民法院
马俊：本院受理原告宿迁某某家具有限公司诉你加工合同纠纷一案，现依法向你公告送达起诉状副本、应诉通知书、举证通知书、开庭传票。自公告之日起经过60日即视为送达。
江苏省连云港市海州区人民法院
徐娟：本院受理原告连云港某某水产有限公司诉你买卖合同纠纷一案，已审理终结。现依法向你公告送达民事判决书。自公告之日起经过60日即视为送达。
王子华：本院受理原告某某科技有限公司诉你劳动争议纠纷一案，现依法向你公告送达起诉状副本、应诉通知书、举证通知书、开庭传票。自公告之日起经过30日即视为送达。提出答辩状和举证的期限分别为公告期满后15日内，逾期将依法缺席裁判。
河北省石家庄市长安区人民法院
某某建筑工程有限公司：本院受理原告某某混凝土有限公司诉你公司买卖合同纠纷一案，已审理终结。现依法向你公司公告送达民事判决书。自公告之日起经过60日即视为送达。
江苏省苏州市姑苏区人民法院
陈立华：本院受理原告苏州某某信息技术有限公司诉你服务合同纠纷一案，现依法向你公告送达起诉状副本、应诉通知书、举证通知书、开庭传票。自公告之日起经过60日即视为送达，逾期将依法缺席裁判。
浙江省温州市鹿城区人民法院
林海峰：本院受理原告温州某某鞋业有限公司诉你买卖合同纠纷一案，已审理终结。现依法向你公告送达民事判决书。自公告之日起经过60日即视为送达。如不服本判决，可在公告期满后15日内向本院递交上诉状及副本。
江苏省盐城市亭湖区人民法院
张凤英：本院受理原告盐城某某农业发展有限公司诉你土地租赁合同纠纷一案，现依法向你公告送达起诉状副本、应诉通知书、举证通知书、开庭传票。自公告之日起经过60日即视为送达。
吉林省长春市南关区人民法院
赵明：本院受理原告长春某某汽车服务有限公司诉你合同纠纷一案，已审理终结。现依法向你公告送达民事判决书。自公告之日起经过60日即视为送达，逾期本判决即发生法律效力。
江苏省泰州市海陵区人民法院
吴国庆：本院受理原告泰州某某医药有限公司诉你买卖合同纠纷一案，现依法向你公告送达起诉状副本、应诉通知书、举证通知书、开庭传票。自公告之日起经过30日即视为送达，逾期将依法缺席裁判。
贵州省遵义市汇川区人民法院
杨光：本院受理原告遵义某某酒业有限公司诉你买卖合同纠纷一案，已审理终结。现依法向你公告送达民事判决书。自公告之日起经过60日即视为送达。如不服本判决，可在公告期满后15日内向本院递交上诉状及副本。
江苏省宿迁市宿城区人民法院
马俊：本院受理原告宿迁某某家具有限公司诉你加工合同纠纷一案，现依法向你公告送达起诉状副本、应诉通知书、举证通知书、开庭传票。自公告之日起经过60日即视为送达。
江苏省连云港市海州区人民法院
徐娟：本院受理原告连云港某某水产有限公司诉你买卖合同纠纷一案，已审理终结。现依法向你公告送达民事判决书。自公告之日起经过60日即视为送达。
王子华：本院受理原告某某科技有限公司诉你劳动争议纠纷一案，现依法向你公告送达起诉状副本、应诉通知书、举证通知书、开庭传票。自公告之日起经过30日即视为送达。提出答辩状和举证的期限分别为公告期满后15日内，逾期将依法缺席裁判。
河北省石家庄市长安区人民法院
某某建筑工程有限公司：本院受理原告某某混凝土有限公司诉你公司买卖合同纠纷一案，已审理终结。现依法向你公司公告送达民事判决书。自公告之日起经过60日即视为送达。
江苏省苏州市姑苏区人民法院
陈立华：本院受理原告苏州某某信息技术有限公司诉你服务合同纠纷一案，现依法向你公告送达起诉状副本、应诉通知书、举证通知书、开庭传票。自公告之日起经过60日即视为送达，逾期将依法缺席裁判。
浙江省温州市鹿城区人民法院
林海峰：本院受理原告温州某某鞋业有限公司诉你买卖合同纠纷一案，已审理终结。现依法向你公告送达民事判决书。自公告之日起经过60日即视为送达。如不服本判决，可在公告期满后15日内向本院递交上诉状及副本。
江苏省盐城市亭湖区人民法院
张凤英：本院受理原告盐城某某农业发展有限公司诉你土地租赁合同纠纷一案，现依法向你公告送达起诉状副本、应诉通知书、举证通知书、开庭传票。自公告之日起经过60日即视为送达。
吉林省长春市南关区人民法院
赵明：本院受理原告长春某某汽车服务有限公司诉你合同纠纷一案，已审理终结。现依法向你公告送达民事判决书。自公告之日起经过60日即视为送达，逾期本判决即发生法律效力。
江苏省泰州市海陵区人民法院
吴国庆：本院受理原告泰州某某医药有限公司诉你买卖合同纠纷一案，现依法向你公告送达起诉状副本、应诉通知书、举证通知书、开庭传票。自公告之日起经过30日即视为送达，逾期将依法缺席裁判。
贵州省遵义市汇川区人民法院
杨光：本院受理原告遵义某某酒业有限公司诉你买卖合同纠纷一案，已审理终结。现依法向你公告送达民事判决书。自公告之日起经过60日即视为送达。如不服本判决，可在公告期满后15日内向本院递交上诉状及副本。
江苏省宿迁市宿城区人民法院
马俊：本院受理原告宿迁某某家具有限公司诉你加工合同纠纷一案，现依法向你公告送达起诉状副本、应诉通知书、举证通知书、开庭传票。自公告之日起经过60日即视为送达。
江苏省连云港市海州区人民法院
徐娟：本院受理原告连云港某某水产有限公司诉你买卖合同纠纷一案，已审理终结。现依法向你公告送达民事判决书。自公告之日起经过60日即视为送达。
王子华：本院受理原告某某科技有限公司诉你劳动争议纠纷一案，现依法向你公告送达起诉状副本、应诉通知书、举证通知书、开庭传票。自公告之日起经过30日即视为送达。提出答辩状和举证的期限分别为公告期满后15日内，逾期将依法缺席裁判。
河北省石家庄市长安区人民法院
某某建筑工程有限公司：本院受理原告某某混凝土有限公司诉你公司买卖合同纠纷一案，已审理终结。现依法向你公司公告送达民事判决书。自公告之日起经过60日即视为送达。
江苏省苏州市姑苏区人民法院
陈立华：本院受理原告苏州某某信息技术有限公司诉你服务合同纠纷一案，现依法向你公告送达起诉状副本、应诉通知书、举证通知书、开庭传票。自公告之日起经过60日即视为送达，逾期将依法缺席裁判。
浙江省温州市鹿城区人民法院
林海峰：本院受理原告温州某某鞋业有限公司诉你买卖合同纠纷一案，已审理终结。现依法向你公告送达民事判决书。自公告之日起经过60日即视为送达。如不服本判决，可在公告期满后15日内向本院递交上诉状及副本。
江苏省盐城市亭湖区人民法院
张凤英：本院受理原告盐城某某农业发展有限公司诉你土地租赁合同纠纷一案，现依法向你公告送达起诉状副本、应诉通知书、举证通知书、开庭传票。自公告之日起经过60日即视为送达。
吉林省长春市南关区人民法院
赵明：本院受理原告长春某某汽车服务有限公司诉你合同纠纷一案，已审理终结。现依法向你公告送达民事判决书。自公告之日起经过60日即视为送达，逾期本判决即发生法律效力。
江苏省泰州市海陵区人民法院
吴国庆：本院受理原告泰州某某医药有限公司诉你买卖合同纠纷一案，现依法向你公告送达起诉状副本、应诉通知书、举证通知书、开庭传票。自公告之日起经过30日即视为送达，逾期将依法缺席裁判。
贵州省遵义市汇川区人民法院
杨光：本院受理原告遵义某某酒业有限公司诉你买卖合同纠纷一案，已审理终结。现依法向你公告送达民事判决书。自公告之日起经过60日即视为送达。如不服本判决，可在公告期满后15日内向本院递交上诉状及副本。
江苏省宿迁市宿城区人民法院
马俊：本院受理原告宿迁某某家具有限公司诉你加工合同纠纷一案，现依法向你公告送达起诉状副本、应诉通知书、举证通知书、开庭传票。自公告之日起经过60日即视为送达。
江苏省连云港市海州区人民法院
徐娟：本院受理原告连云港某某水产有限公司诉你买卖合同纠纷一案，已审理终结。现依法向你公告送达民事判决书。自公告之日起经过60日即视为送达。
吉林省辽源市中级人民法院
公告专栏
遗失声明：某某（身份证号略）遗失执业证书一本，声明作废。某某有限公司遗失营业执照正副本各一本，声明作废。某某遗失医师资格证书，声明作废。某某遗失道路运输从业资格证，声明作废。
减资公告：某某科技有限公司经股东会决议，注册资本由人民币500万元减至人民币100万元，请债权人自本公告之日起45日内向本公司申报债权，要求清偿债务或提供相应担保。联系人：某某。
注销公告：某某商贸有限公司经股东决定拟注销，已成立清算组，请债权人自本公告之日起45日内向本公司清算组申报债权。某某建筑劳务有限公司经股东会决议解散，请债权人于公告之日起45日内申报债权。
遗失声明：某某房地产开发有限公司遗失公章一枚、财务专用章一枚，声明作废。某某物流有限公司遗失开户许可证，声明作废。某某餐饮管理有限公司遗失食品经营许可证正本，声明作废。
合并公告：某某投资有限公司与某某实业有限公司经股东会决议吸收合并，合并后存续公司为某某投资有限公司，请债权人自公告之日起45日内要求清偿债务或者提供相应担保。
减资公告：某某信息技术有限公司股东会决议，公司注册资本由人民币1000万元减少至人民币300万元，请债权人自本公告之日起45日内向本公司申报债权。
遗失声明：某某遗失出生医学证明，声明作废。某某遗失不动产权证书，声明作废。某某遗失机动车行驶证，声明作废。某某遗失教师资格证，声明作废。
清算公告：某某贸易有限公司已成立清算组，请债权人自公告之日起45日内向清算组申报债权，逾期未申报的，视为放弃债权。联系人及电话略。
遗失声明：某某（身份证号略）遗失执业证书一本，声明作废。某某有限公司遗失营业执照正副本各一本，声明作废。某某遗失医师资格证书，声明作废。某某遗失道路运输从业资格证，声明作废。
减资公告：某某科技有限公司经股东会决议，注册资本由人民币500万元减至人民币100万元，请债权人自本公告之日起45日内向本公司申报债权，要求清偿债务或提供相应担保。联系人：某某。
注销公告：某某商贸有限公司经股东决定拟注销，已成立清算组，请债权人自本公告之日起45日内向本公司清算组申报债权。某某建筑劳务有限公司经股东会决议解散，请债权人于公告之日起45日内申报债权。
遗失声明：某某房地产开发有限公司遗失公章一枚、财务专用章一枚，声明作废。某某物流有限公司遗失开户许可证，声明作废。某某餐饮管理有限公司遗失食品经营许可证正本，声明作废。
合并公告：某某投资有限公司与某某实业有限公司经股东会决议吸收合并，合并后存续公司为某某投资有限公司，请债权人自公告之日起45日内要求清偿债务或者提供相应担保。
减资公告：某某信息技术有限公司股东会决议，公司注册资本由人民币1000万元减少至人民币300万元，请债权人自本公告之日起45日内向本公司申报债权。
遗失声明：某某遗失出生医学证明，声明作废。某某遗失不动产权证书，声明作废。某某遗失机动车行驶证，声明作废。某某遗失教师资格证，声明作废。
清算公告：某某贸易有限公司已成立清算组，请债权人自公告之日起45日内向清算组申报债权，逾期未申报的，视为放弃债权。联系人及电话略。
遗失声明：某某（身份证号略）遗失执业证书一本，声明作废。某某有限公司遗失营业执照正副本各一本，声明作废。某某遗失医师资格证书，声明作废。某某遗失道路运输从业资格证，声明作废。
减资公告：某某科技有限公司经股东会决议，注册资本由人民币500万元减至人民币100万元，请债权人自本公告之日起45日内向本公司申报债权，要求清偿债务或提供相应担保。联系人：某某。
注销公告：某某商贸有限公司经股东决定拟注销，已成立清算组，请债权人自本公告之日起45日内向本公司清算组申报债权。某某建筑劳务有限公司经股东会决议解散，请债权人于公告之日起45日内申报债权。
遗失声明：某某房地产开发有限公司遗失公章一枚、财务专用章一枚，声明作废。某某物流有限公司遗失开户许可证，声明作废。某某餐饮管理有限公司遗失食品经营许可证正本，声明作废。
合并公告：某某投资有限公司与某某实业有限公司经股东会决议吸收合并，合并后存续公司为某某投资有限公司，请债权人自公告之日起45日内要求清偿债务或者提供相应担保。
减资公告：某某信息技术有限公司股东会决议，公司注册资本由人民币1000万元减少至人民币300万元，请债权人自本公告之日起45日内向本公司申报债权。
遗失声明：某某遗失出生医学证明，声明作废。某某遗失不动产权证书，声明作废。某某遗失机动车行驶证，声明作废。某某遗失教师资格证，声明作废。
清算公告：某某贸易有限公司已成立清算组，请债权人自公告之日起45日内向清算组申报债权，逾期未申报的，视为放弃债权。联系人及电话略。
遗失声明：某某（身份证号略）遗失执业证书一本，声明作废。某某有限公司遗失营业执照正副本各一本，声明作废。某某遗失医师资格证书，声明作废。某某遗失道路运输从业资格证，声明作废。
减资公告：某某科技有限公司经股东会决议，注册资本由人民币500万元减至人民币100万元，请债权人自本公告之日起45日内向本公司申报债权，要求清偿债务或提供相应担保。联系人：某某。
注销公告：某某商贸有限公司经股东决定拟注销，已成立清算组，请债权人自本公告之日起45日内向本公司清算组申报债权。某某建筑劳务有限公司经股东会决议解散，请债权人于公告之日起45日内申报债权。
遗失声明：某某房地产开发有限公司遗失公章一枚、财务专用章一枚，声明作废。某某物流有限公司遗失开户许可证，声明作废。某某餐饮管理有限公司遗失食品经营许可证正本，声明作废。
合并公告：某某投资有限公司与某某实业有限公司经股东会决议吸收合并，合并后存续公司为某某投资有限公司，请债权人自公告之日起45日内要求清偿债务或者提供相应担保。
减资公告：某某信息技术有限公司股东会决议，公司注册资本由人民币1000万元减少至人民币300万元，请债权人自本公告之日起45日内向本公司申报债权。
遗失声明：某某遗失出生医学证明，声明作废。某某遗失不动产权证书，声明作废。某某遗失机动车行驶证，声明作废。某某遗失教师资格证，声明作废。
清算公告：某某贸易有限公司已成立清算组，请债权人自公告之日起45日内向清算组申报债权，逾期未申报的，视为放弃债权。联系人及电话略。
中国某某银行某某分行
